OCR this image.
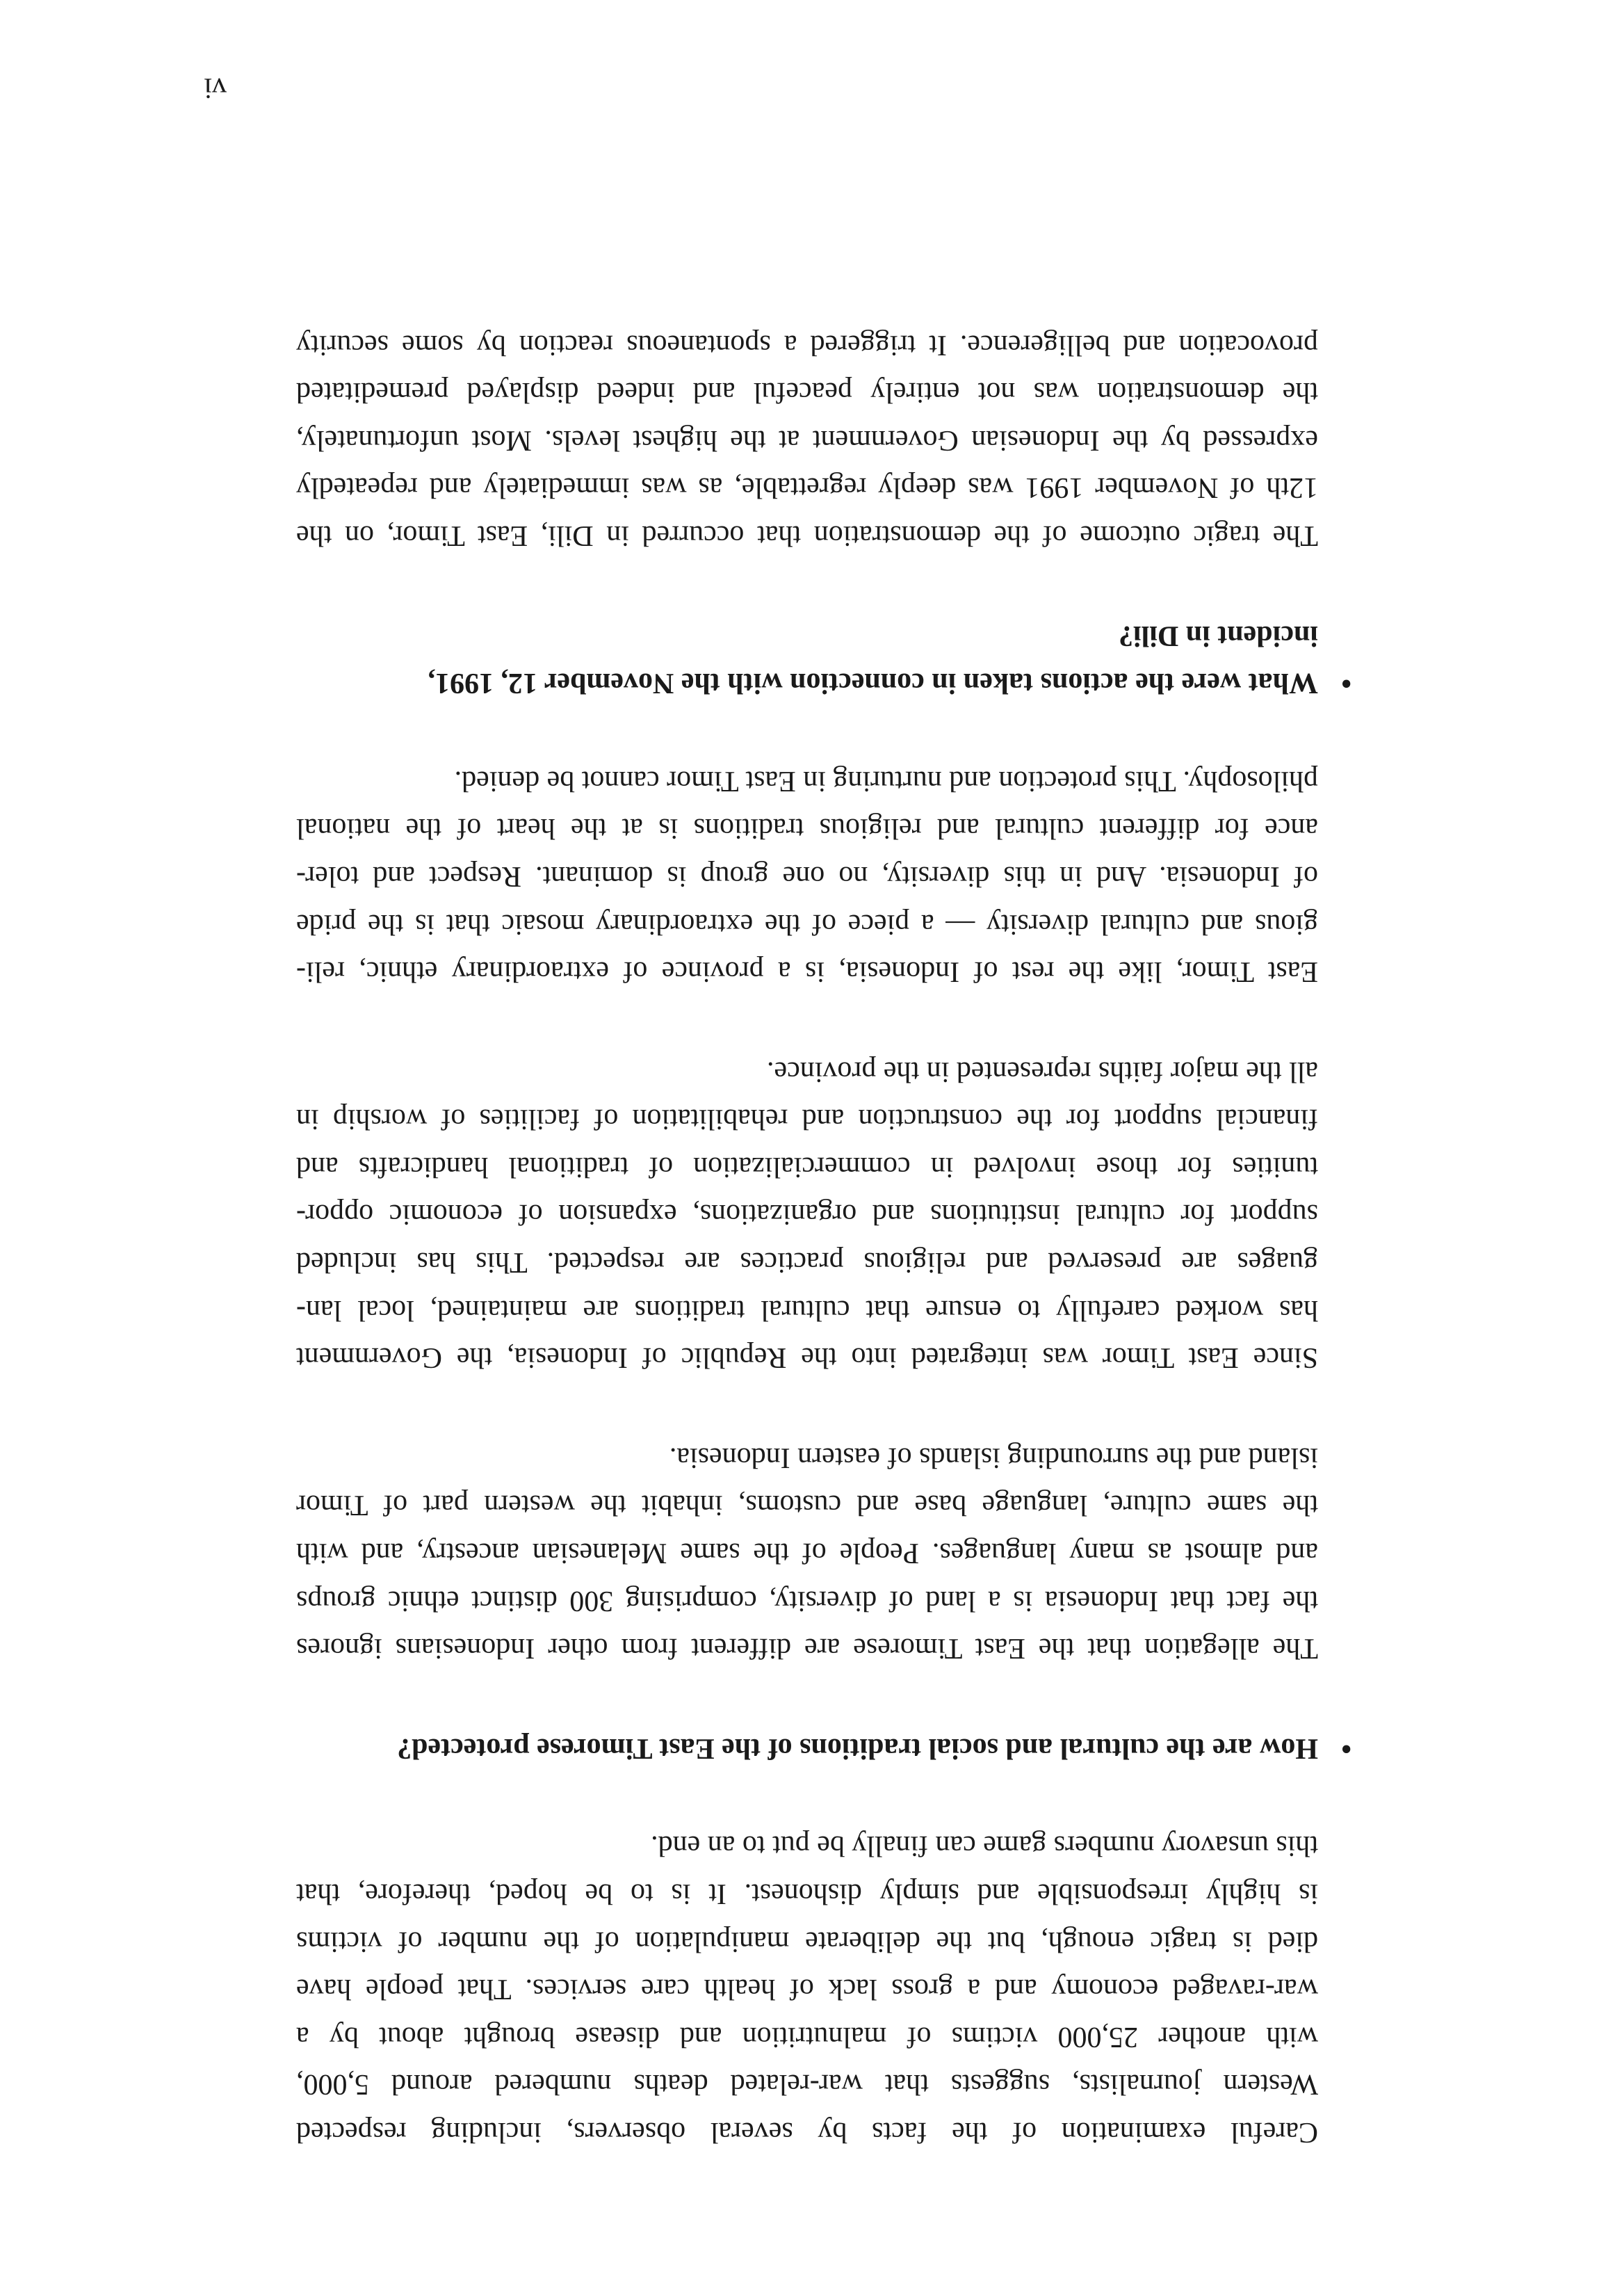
Careful examination of the facts by several observers, including respected
Western journalists, suggests that war-related deaths numbered around 5,000,
with another 25,000 victims of malnutrition and disease brought about by a
war-ravaged economy and a gross lack of health care services. That people have
died is tragic enough, but the deliberate manipulation of the number of victims
is highly irresponsible and simply dishonest. It is to be hoped, therefore, that
this unsavory numbers game can finally be put to an end.

•
How are the cultural and social traditions of the East Timorese protected?

The allegation that the East Timorese are different from other Indonesians ignores
the fact that Indonesia is a land of diversity, comprising 300 distinct ethnic groups
and almost as many languages. People of the same Melanesian ancestry, and with
the same culture, language base and customs, inhabit the western part of Timor
island and the surrounding islands of eastern Indonesia.

Since East Timor was integrated into the Republic of Indonesia, the Government
has worked carefully to ensure that cultural traditions are maintained, local lan-
guages are preserved and religious practices are respected. This has included
support for cultural institutions and organizations, expansion of economic oppor-
tunities for those involved in commercialization of traditional handicrafts and
financial support for the construction and rehabilitation of facilities of worship in
all the major faiths represented in the province.

East Timor, like the rest of Indonesia, is a province of extraordinary ethnic, reli-
gious and cultural diversity — a piece of the extraordinary mosaic that is the pride
of Indonesia. And in this diversity, no one group is dominant. Respect and toler-
ance for different cultural and religious traditions is at the heart of the national
philosophy. This protection and nurturing in East Timor cannot be denied.

•
What were the actions taken in connection with the November 12, 1991,
incident in Dili?

The tragic outcome of the demonstration that occurred in Dili, East Timor, on the
12th of November 1991 was deeply regrettable, as was immediately and repeatedly
expressed by the Indonesian Government at the highest levels. Most unfortunately,
the demonstration was not entirely peaceful and indeed displayed premeditated
provocation and belligerence. It triggered a spontaneous reaction by some security

vi
